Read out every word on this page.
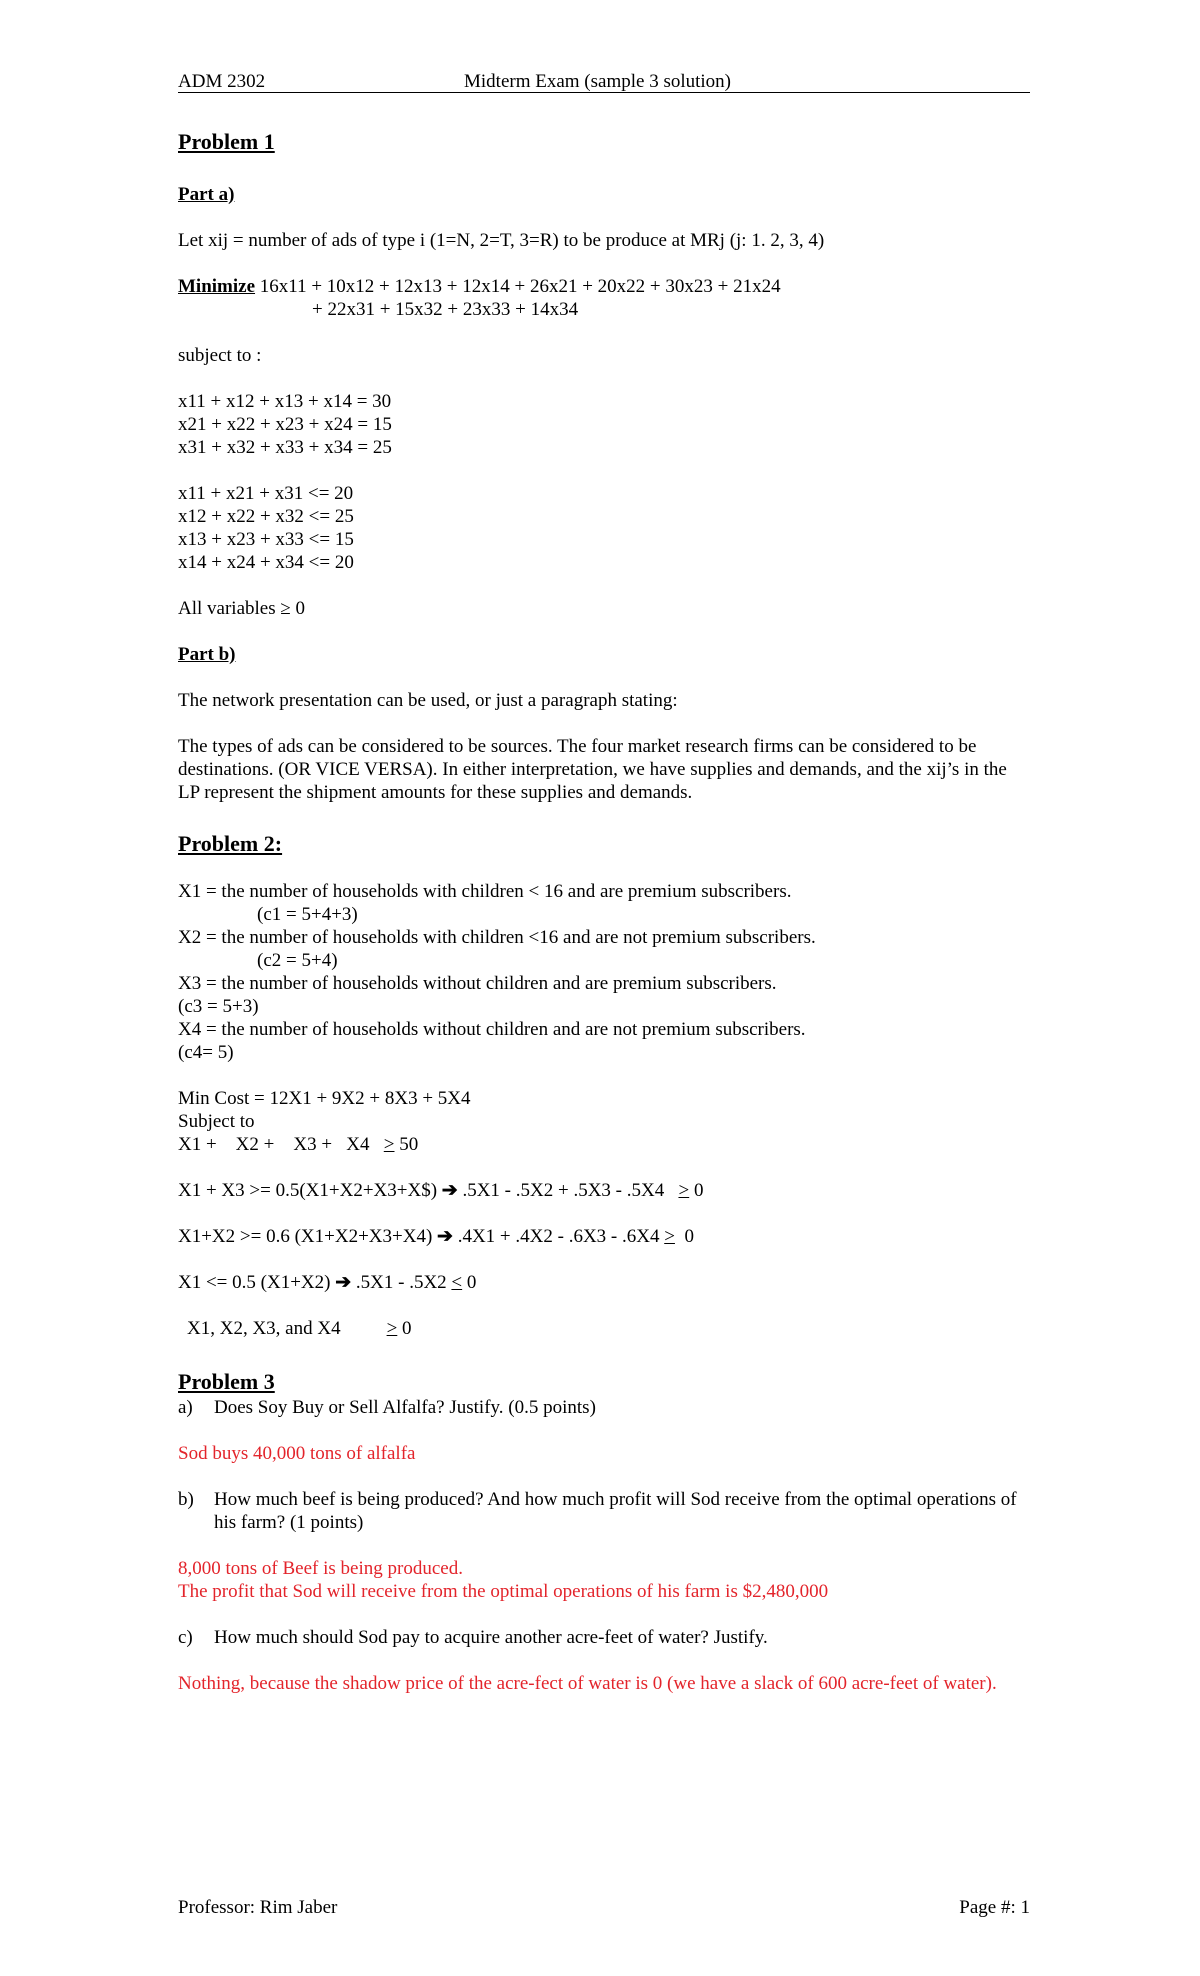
ADM 2302	Midterm Exam (sample 3 solution)

Problem 1

Part a)

Let xij = number of ads of type i (1=N, 2=T, 3=R) to be produce at MRj (j: 1. 2, 3, 4)

Minimize 16x11 + 10x12 + 12x13 + 12x14 + 26x21 + 20x22 + 30x23 + 21x24

+ 22x31 + 15x32 + 23x33 + 14x34

subject to :

x11 + x12 + x13 + x14 = 30

x21 + x22 + x23 + x24 = 15

x31 + x32 + x33 + x34 = 25

x11 + x21 + x31 <= 20

x12 + x22 + x32 <= 25

x13 + x23 + x33 <= 15

x14 + x24 + x34 <= 20

All variables ≥ 0

Part b)

The network presentation can be used, or just a paragraph stating:

The types of ads can be considered to be sources. The four market research firms can be considered to be destinations. (OR VICE VERSA). In either interpretation, we have supplies and demands, and the xij’s in the LP represent the shipment amounts for these supplies and demands.

Problem 2:

X1 = the number of households with children < 16 and are premium subscribers.

(c1 = 5+4+3)

X2 = the number of households with children <16 and are not premium subscribers.

(c2 = 5+4)

X3 = the number of households without children and are premium subscribers.

(c3 = 5+3)

X4 = the number of households without children and are not premium subscribers.

(c4= 5)

Min Cost = 12X1 + 9X2 + 8X3 + 5X4

Subject to

X1 +    X2 +    X3 +   X4   ≥ 50

X1 + X3 >= 0.5(X1+X2+X3+X$) ➔ .5X1 - .5X2 + .5X3 - .5X4   ≥ 0

X1+X2 >= 0.6 (X1+X2+X3+X4) ➔ .4X1 + .4X2 - .6X3 - .6X4 ≥  0

X1 <= 0.5 (X1+X2) ➔ .5X1 - .5X2 ≤ 0

X1, X2, X3, and X4 ≥ 0

Problem 3

a)	Does Soy Buy or Sell Alfalfa? Justify. (0.5 points)

Sod buys 40,000 tons of alfalfa

b)	How much beef is being produced? And how much profit will Sod receive from the optimal operations of his farm? (1 points)

8,000 tons of Beef is being produced.

The profit that Sod will receive from the optimal operations of his farm is $2,480,000

c)	How much should Sod pay to acquire another acre-feet of water? Justify.

Nothing, because the shadow price of the acre-fect of water is 0 (we have a slack of 600 acre-feet of water).

Professor: Rim Jaber	Page #: 1
